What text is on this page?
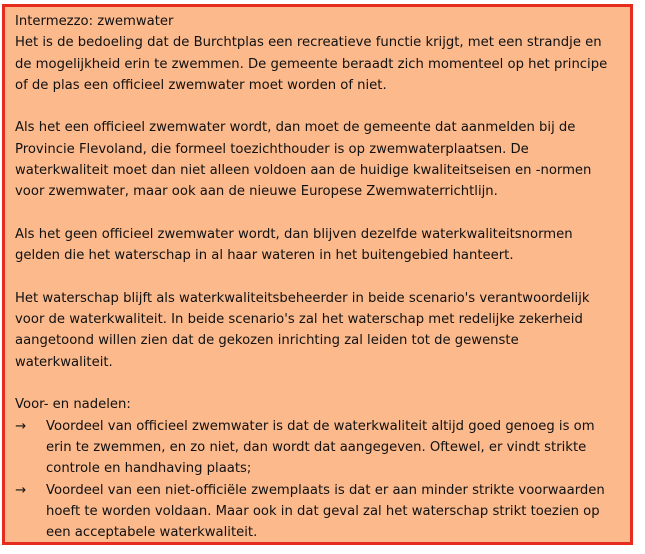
Intermezzo: zwemwater

Het is de bedoeling dat de Burchtplas een recreatieve functie krijgt, met een strandje en de mogelijkheid erin te zwemmen. De gemeente beraadt zich momenteel op het principe of de plas een officieel zwemwater moet worden of niet.

Als het een officieel zwemwater wordt, dan moet de gemeente dat aanmelden bij de Provincie Flevoland, die formeel toezichthouder is op zwemwaterplaatsen. De waterkwaliteit moet dan niet alleen voldoen aan de huidige kwaliteitseisen en -normen voor zwemwater, maar ook aan de nieuwe Europese Zwemwaterrichtlijn.

Als het geen officieel zwemwater wordt, dan blijven dezelfde waterkwaliteitsnormen gelden die het waterschap in al haar wateren in het buitengebied hanteert.

Het waterschap blijft als waterkwaliteitsbeheerder in beide scenario's verantwoordelijk voor de waterkwaliteit. In beide scenario's zal het waterschap met redelijke zekerheid aangetoond willen zien dat de gekozen inrichting zal leiden tot de gewenste waterkwaliteit.

Voor- en nadelen:
→ Voordeel van officieel zwemwater is dat de waterkwaliteit altijd goed genoeg is om erin te zwemmen, en zo niet, dan wordt dat aangegeven. Oftewel, er vindt strikte controle en handhaving plaats;
→ Voordeel van een niet-officiële zwemplaats is dat er aan minder strikte voorwaarden hoeft te worden voldaan. Maar ook in dat geval zal het waterschap strikt toezien op een acceptabele waterkwaliteit.
